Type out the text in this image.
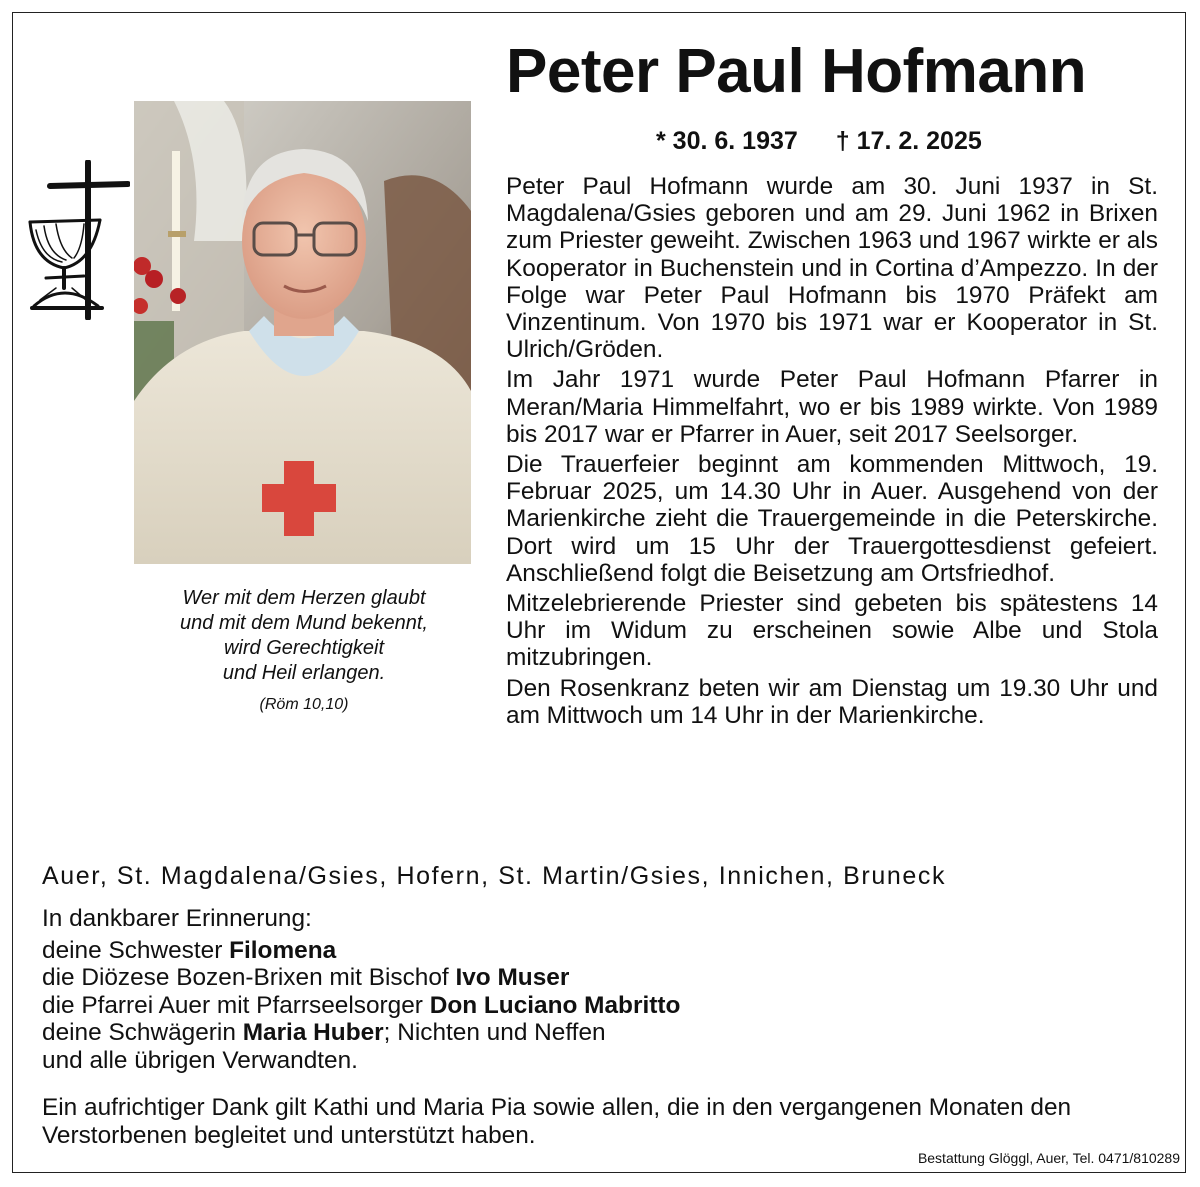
Peter Paul Hofmann
* 30. 6. 1937 † 17. 2. 2025
Wer mit dem Herzen glaubt
und mit dem Mund bekennt,
wird Gerechtigkeit
und Heil erlangen.
(Röm 10,10)

Peter Paul Hofmann wurde am 30. Juni 1937 in St. Magdalena/Gsies geboren und am 29. Juni 1962 in Brixen zum Priester geweiht. Zwischen 1963 und 1967 wirkte er als Kooperator in Buchenstein und in Cortina d’Ampezzo. In der Folge war Peter Paul Hofmann bis 1970 Präfekt am Vinzentinum. Von 1970 bis 1971 war er Kooperator in St. Ulrich/Gröden.

Im Jahr 1971 wurde Peter Paul Hofmann Pfarrer in Meran/Maria Himmelfahrt, wo er bis 1989 wirkte. Von 1989 bis 2017 war er Pfarrer in Auer, seit 2017 Seelsorger.

Die Trauerfeier beginnt am kommenden Mittwoch, 19. Februar 2025, um 14.30 Uhr in Auer. Ausgehend von der Marienkirche zieht die Trauergemeinde in die Peterskirche. Dort wird um 15 Uhr der Trauergottesdienst gefeiert. Anschließend folgt die Beisetzung am Ortsfriedhof.

Mitzelebrierende Priester sind gebeten bis spätestens 14 Uhr im Widum zu erscheinen sowie Albe und Stola mitzubringen.

Den Rosenkranz beten wir am Dienstag um 19.30 Uhr und am Mittwoch um 14 Uhr in der Marienkirche.

Auer, St. Magdalena/Gsies, Hofern, St. Martin/Gsies, Innichen, Bruneck
In dankbarer Erinnerung:
deine Schwester Filomena
die Diözese Bozen-Brixen mit Bischof Ivo Muser
die Pfarrei Auer mit Pfarrseelsorger Don Luciano Mabritto
deine Schwägerin Maria Huber; Nichten und Neffen
und alle übrigen Verwandten.
Ein aufrichtiger Dank gilt Kathi und Maria Pia sowie allen, die in den vergangenen Monaten den Verstorbenen begleitet und unterstützt haben.
Bestattung Glöggl, Auer, Tel. 0471/810289
